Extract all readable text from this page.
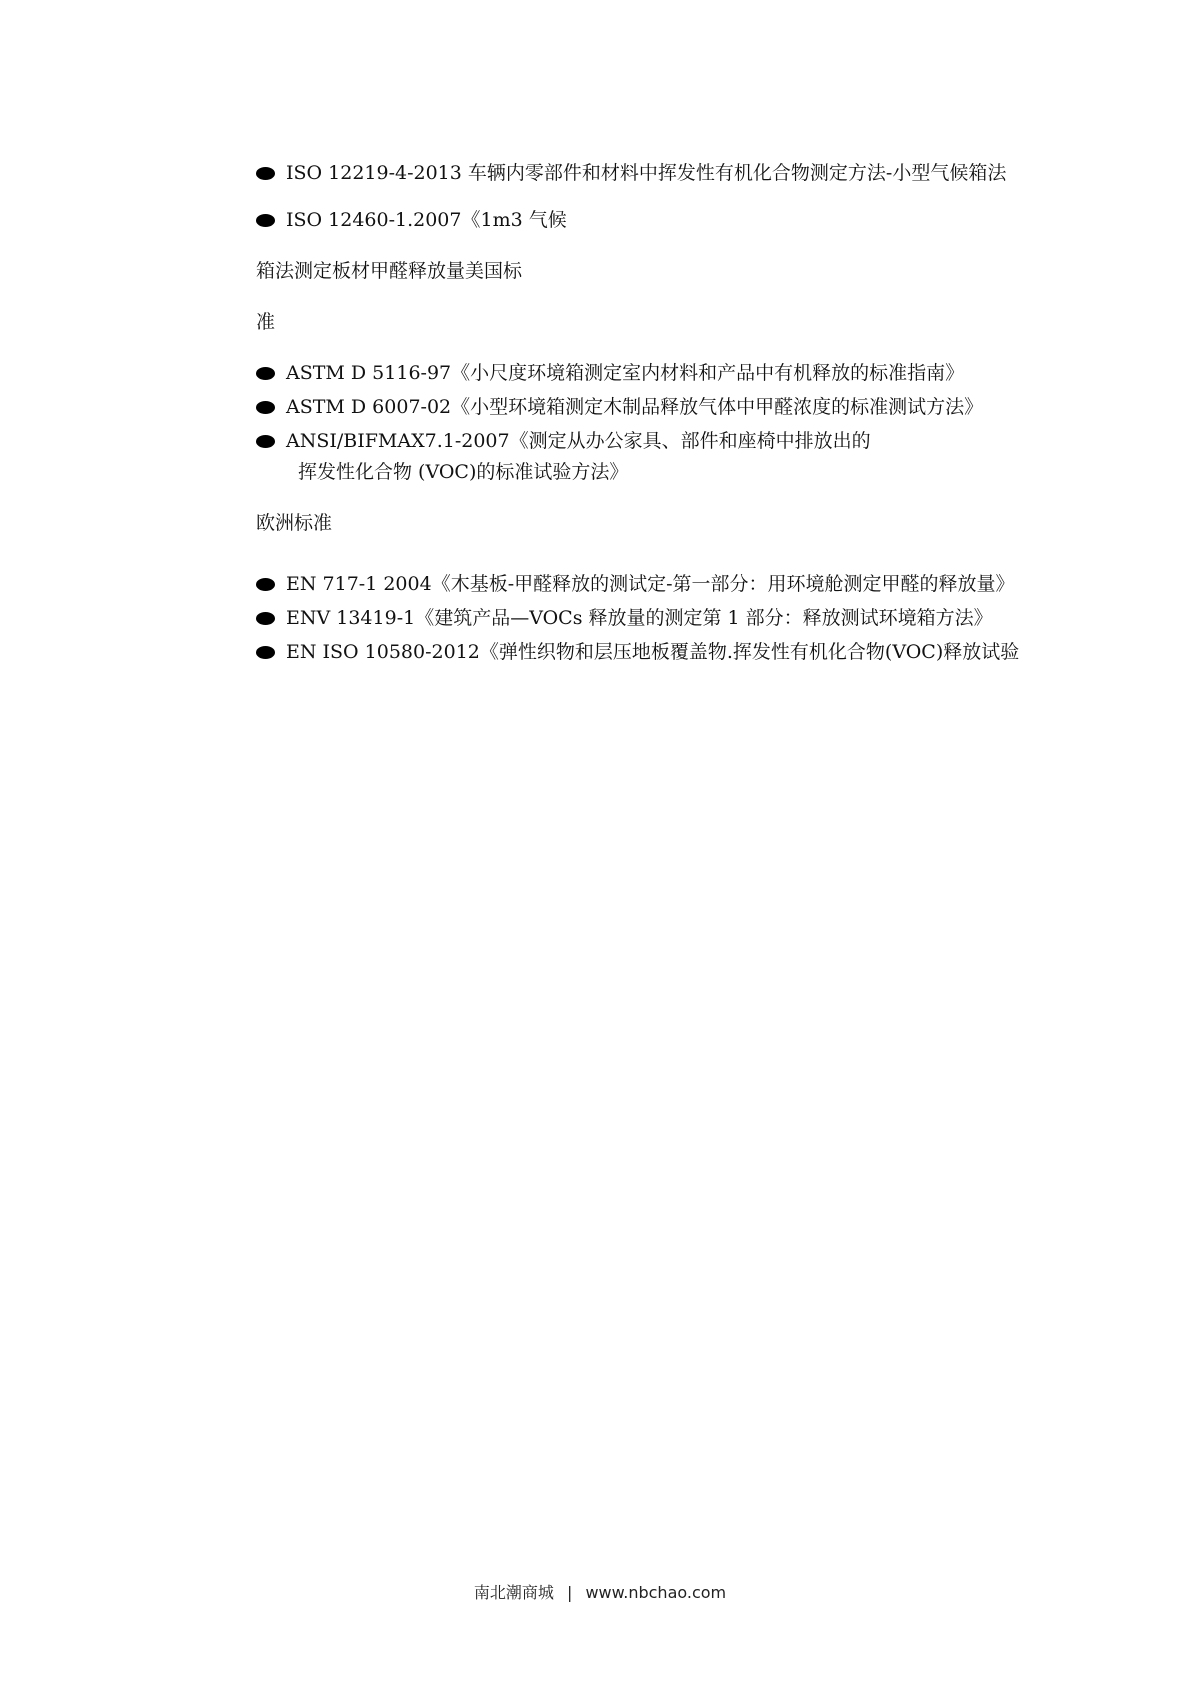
ISO 12219-4-2013 车辆内零部件和材料中挥发性有机化合物测定方法-小型气候箱法
ISO 12460-1.2007《1m3 气候
箱法测定板材甲醛释放量美国标
准
ASTM D 5116-97《小尺度环境箱测定室内材料和产品中有机释放的标准指南》
ASTM D 6007-02《小型环境箱测定木制品释放气体中甲醛浓度的标准测试方法》
ANSI/BIFMAX7.1-2007《测定从办公家具、部件和座椅中排放出的
挥发性化合物 (VOC)的标准试验方法》
欧洲标准
EN 717-1 2004《木基板-甲醛释放的测试定-第一部分：用环境舱测定甲醛的释放量》
ENV 13419-1《建筑产品—VOCs 释放量的测定第 1 部分：释放测试环境箱方法》
EN ISO 10580-2012《弹性织物和层压地板覆盖物.挥发性有机化合物(VOC)释放试验
南北潮商城 | www.nbchao.com
